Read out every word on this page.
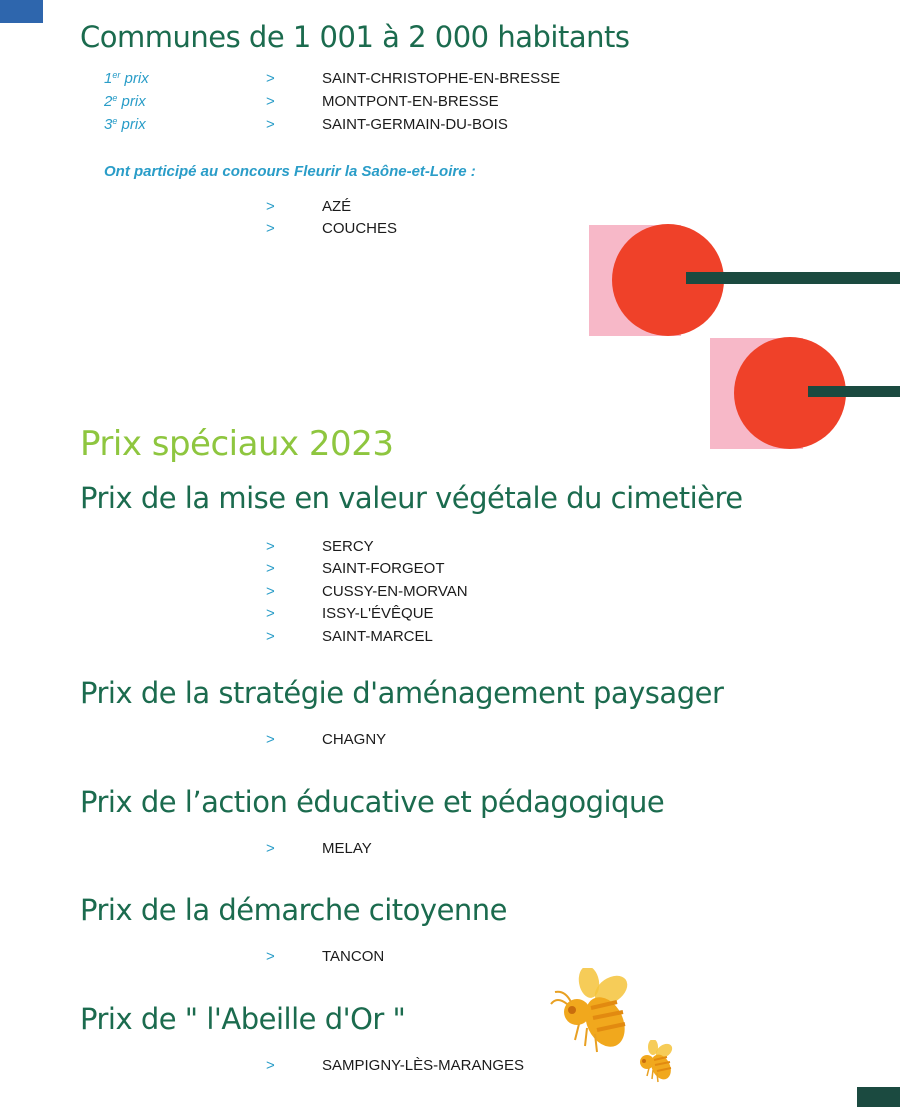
Communes de 1 001 à 2 000 habitants
1er prix	>	SAINT-CHRISTOPHE-EN-BRESSE
2e prix	>	MONTPONT-EN-BRESSE
3e prix	>	SAINT-GERMAIN-DU-BOIS

Ont participé au concours Fleurir la Saône-et-Loire :

>	AZÉ
>	COUCHES
Prix spéciaux 2023
Prix de la mise en valeur végétale du cimetière
>	SERCY
>	SAINT-FORGEOT
>	CUSSY-EN-MORVAN
>	ISSY-L'ÉVÊQUE
>	SAINT-MARCEL
Prix de la stratégie d'aménagement paysager
>	CHAGNY
Prix de l’action éducative et pédagogique
>	MELAY
Prix de la démarche citoyenne
>	TANCON
Prix de " l'Abeille d'Or "
>	SAMPIGNY-LÈS-MARANGES
